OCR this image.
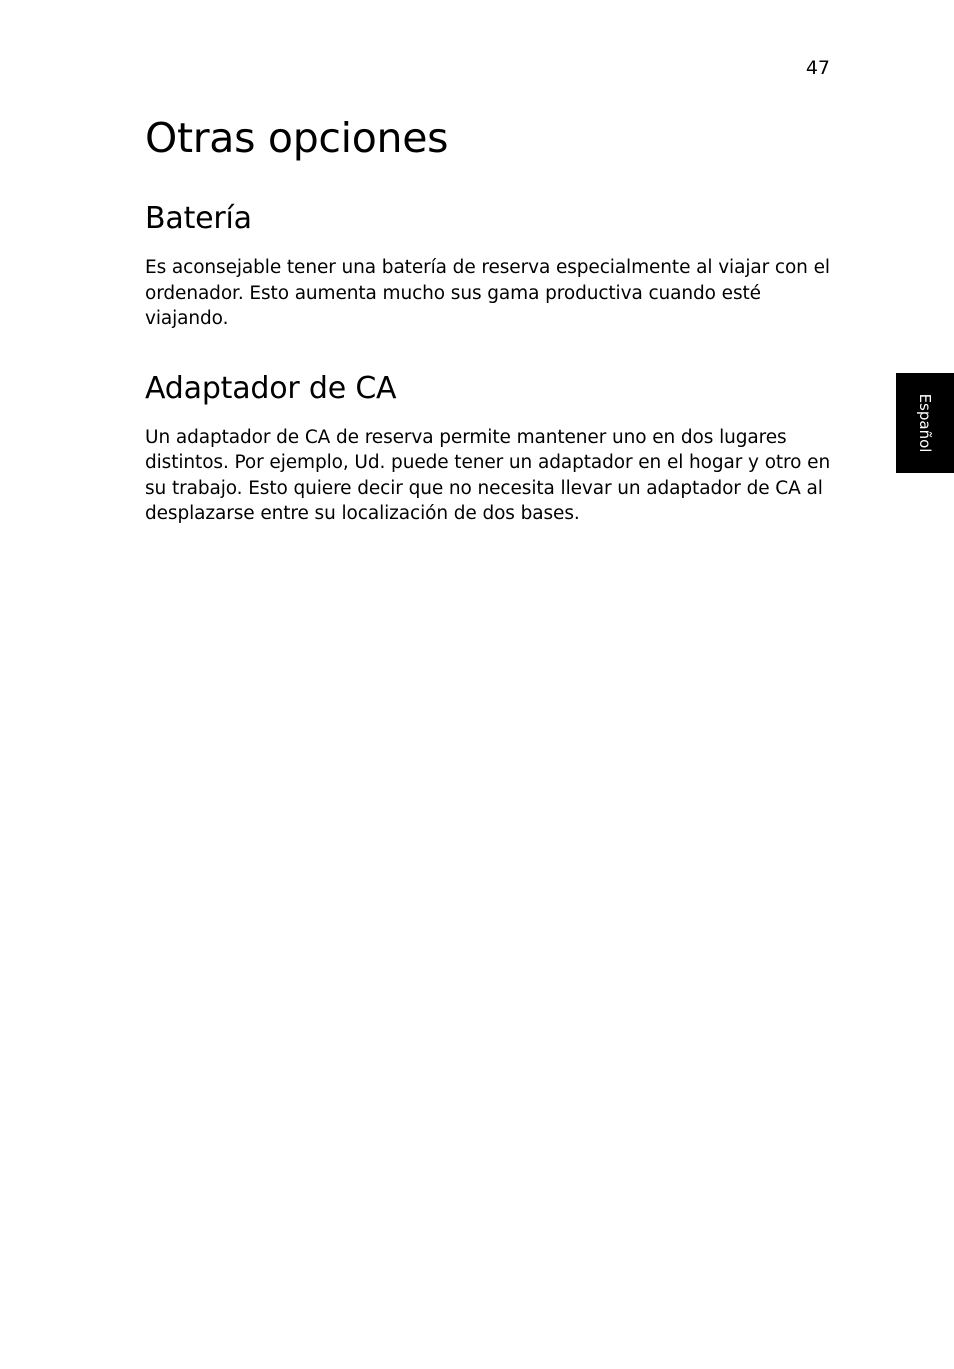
47
Otras opciones
Batería

Es aconsejable tener una batería de reserva especialmente al viajar con el ordenador. Esto aumenta mucho sus gama productiva cuando esté viajando.

Adaptador de CA

Un adaptador de CA de reserva permite mantener uno en dos lugares distintos. Por ejemplo, Ud. puede tener un adaptador en el hogar y otro en su trabajo. Esto quiere decir que no necesita llevar un adaptador de CA al desplazarse entre su localización de dos bases.

Español
